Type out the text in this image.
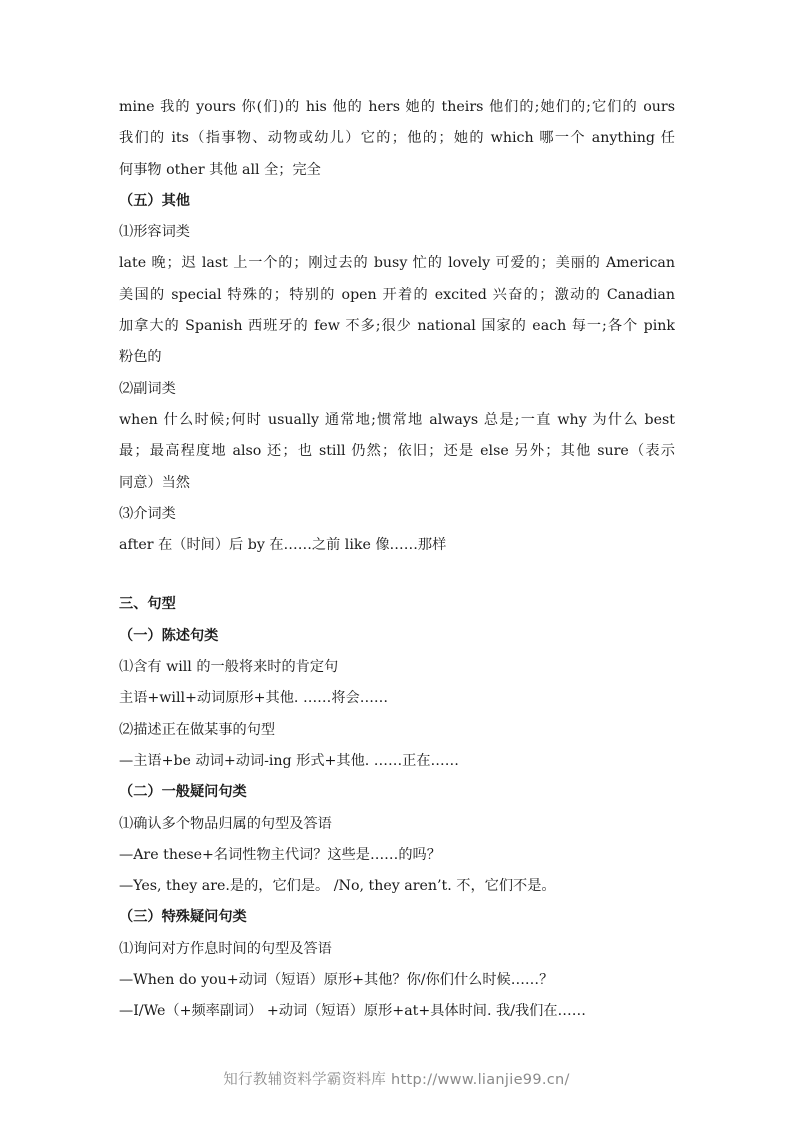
mine 我的 yours 你(们)的 his 他的 hers 她的 theirs 他们的;她们的;它们的 ours
我们的 its（指事物、动物或幼儿）它的；他的；她的 which 哪一个 anything 任
何事物 other 其他 all 全；完全
（五）其他
⑴形容词类
late 晚；迟 last 上一个的；刚过去的 busy 忙的 lovely 可爱的；美丽的 American
美国的 special 特殊的；特别的 open 开着的 excited 兴奋的；激动的 Canadian
加拿大的 Spanish 西班牙的 few 不多;很少 national 国家的 each 每一;各个 pink
粉色的
⑵副词类
when 什么时候;何时 usually 通常地;惯常地 always 总是;一直 why 为什么 best
最；最高程度地 also 还；也 still 仍然；依旧；还是 else 另外；其他 sure（表示
同意）当然
⑶介词类
after 在（时间）后 by 在……之前 like 像……那样
三、句型
（一）陈述句类
⑴含有 will 的一般将来时的肯定句
主语+will+动词原形+其他. ……将会……
⑵描述正在做某事的句型
—主语+be 动词+动词-ing 形式+其他. ……正在……
（二）一般疑问句类
⑴确认多个物品归属的句型及答语
—Are these+名词性物主代词？这些是……的吗？
—Yes, they are.是的，它们是。 /No, they aren’t. 不，它们不是。
（三）特殊疑问句类
⑴询问对方作息时间的句型及答语
—When do you+动词（短语）原形+其他？你/你们什么时候……？
—I/We（+频率副词） +动词（短语）原形+at+具体时间. 我/我们在……
知行教辅资料学霸资料库 http://www.lianjie99.cn/
